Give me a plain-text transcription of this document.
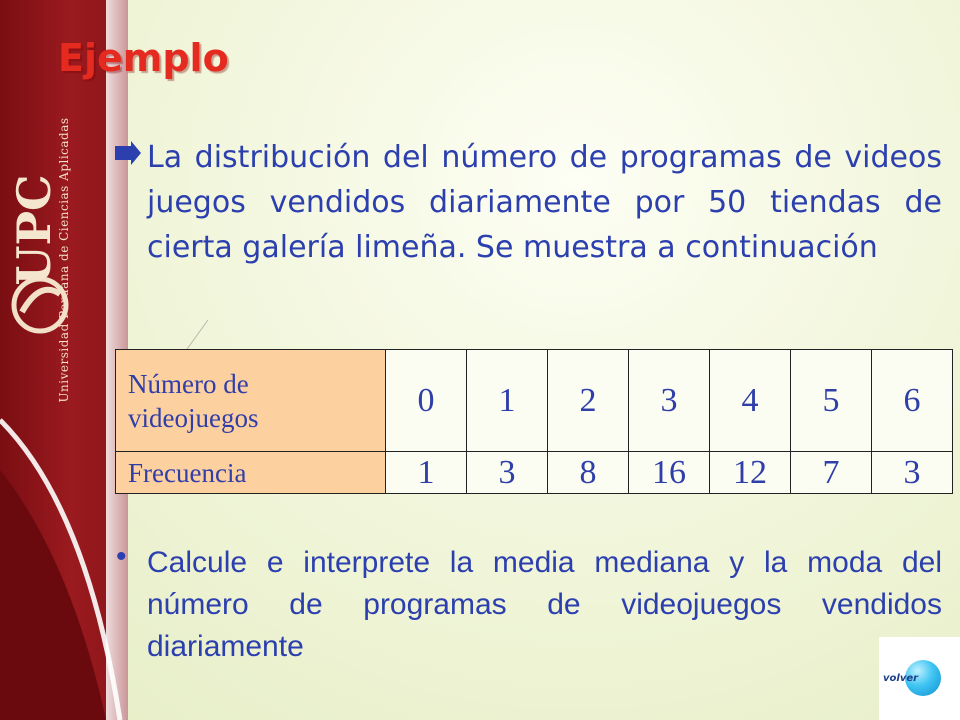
UPC
Universidad Peruana de Ciencias Aplicadas
Ejemplo
La distribución del número de programas de videos juegos vendidos diariamente por 50 tiendas de cierta galería limeña. Se muestra a continuación
Número de videojuegos	0	1	2	3	4	5	6
Frecuencia	1	3	8	16	12	7	3
• Calcule e interprete la media mediana y la moda del número de programas de videojuegos vendidos diariamente
volver
